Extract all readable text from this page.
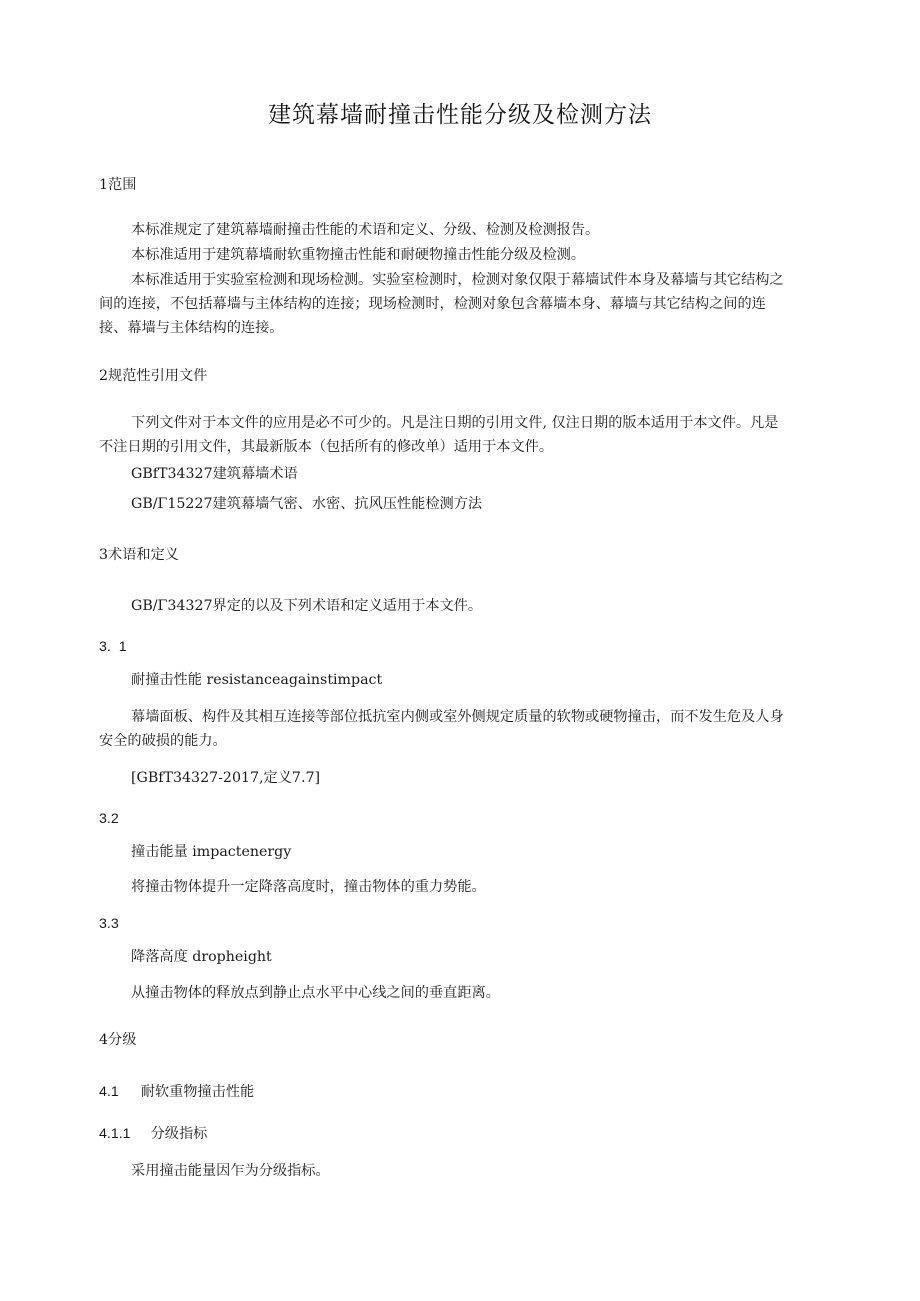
建筑幕墙耐撞击性能分级及检测方法
1范围
本标准规定了建筑幕墙耐撞击性能的术语和定义、分级、检测及检测报告。
本标准适用于建筑幕墙耐软重物撞击性能和耐硬物撞击性能分级及检测。
本标准适用于实验室检测和现场检测。实验室检测时，检测对象仅限于幕墙试件本身及幕墙与其它结构之
间的连接，不包括幕墙与主体结构的连接；现场检测时，检测对象包含幕墙本身、幕墙与其它结构之间的连
接、幕墙与主体结构的连接。
2规范性引用文件
下列文件对于本文件的应用是必不可少的。凡是注日期的引用文件, 仅注日期的版本适用于本文件。凡是
不注日期的引用文件，其最新版本（包括所有的修改单）适用于本文件。
GBfT34327建筑幕墙术语
GB/Γ15227建筑幕墙气密、水密、抗风压性能检测方法
3术语和定义
GB/Γ34327界定的以及下列术语和定义适用于本文件。
3.  1
耐撞击性能 resistanceagainstimpact
幕墙面板、构件及其相互连接等部位抵抗室内侧或室外侧规定质量的软物或硬物撞击，而不发生危及人身
安全的破损的能力。
[GBfT34327-2017,定义7.7]
3.2
撞击能量 impactenergy
将撞击物体提升一定降落高度时，撞击物体的重力势能。
3.3
降落高度 dropheight
从撞击物体的释放点到静止点水平中心线之间的垂直距离。
4分级
4.1 耐软重物撞击性能
4.1.1 分级指标
采用撞击能量因乍为分级指标。
